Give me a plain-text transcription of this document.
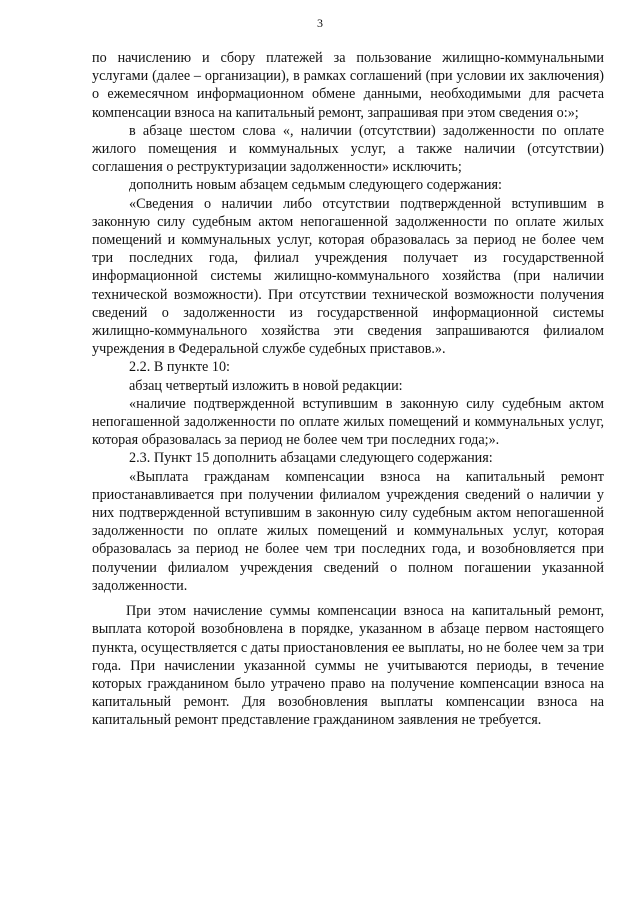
3

по начислению и сбору платежей за пользование жилищно-коммунальными услугами (далее – организации), в рамках соглашений (при условии их заключения) о ежемесячном информационном обмене данными, необходимыми для расчета компенсации взноса на капитальный ремонт, запрашивая при этом сведения о:»;

в абзаце шестом слова «, наличии (отсутствии) задолженности по оплате жилого помещения и коммунальных услуг, а также наличии (отсутствии) соглашения о реструктуризации задолженности» исключить;

дополнить новым абзацем седьмым следующего содержания:

«Сведения о наличии либо отсутствии подтвержденной вступившим в законную силу судебным актом непогашенной задолженности по оплате жилых помещений и коммунальных услуг, которая образовалась за период не более чем три последних года, филиал учреждения получает из государственной информационной системы жилищно-коммунального хозяйства (при наличии технической возможности). При отсутствии технической возможности получения сведений о задолженности из государственной информационной системы жилищно-коммунального хозяйства эти сведения запрашиваются филиалом учреждения в Федеральной службе судебных приставов.».

2.2. В пункте 10:

абзац четвертый изложить в новой редакции:

«наличие подтвержденной вступившим в законную силу судебным актом непогашенной задолженности по оплате жилых помещений и коммунальных услуг, которая образовалась за период не более чем три последних года;».

2.3. Пункт 15 дополнить абзацами следующего содержания:

«Выплата гражданам компенсации взноса на капитальный ремонт приостанавливается при получении филиалом учреждения сведений о наличии у них подтвержденной вступившим в законную силу судебным актом непогашенной задолженности по оплате жилых помещений и коммунальных услуг, которая образовалась за период не более чем три последних года, и возобновляется при получении филиалом учреждения сведений о полном погашении указанной задолженности.

При этом начисление суммы компенсации взноса на капитальный ремонт, выплата которой возобновлена в порядке, указанном в абзаце первом настоящего пункта, осуществляется с даты приостановления ее выплаты, но не более чем за три года. При начислении указанной суммы не учитываются периоды, в течение которых гражданином было утрачено право на получение компенсации взноса на капитальный ремонт. Для возобновления выплаты компенсации взноса на капитальный ремонт представление гражданином заявления не требуется.
